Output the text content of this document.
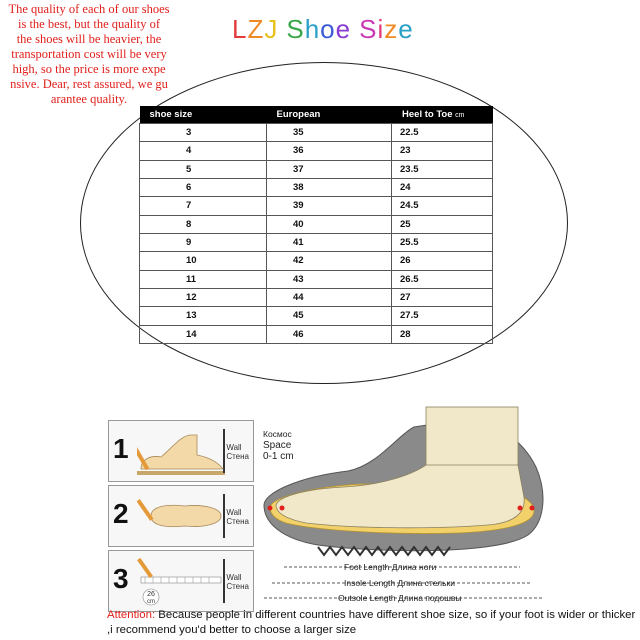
The quality of each of our shoes
is the best, but the quality of
the shoes will be heavier, the
transportation cost will be very
high, so the price is more expe
nsive. Dear, rest assured, we gu
arantee quality.
LZJ Shoe Size
shoe size	European	Heel to Toe cm
3	35	22.5
4	36	23
5	37	23.5
6	38	24
7	39	24.5
8	40	25
9	41	25.5
10	42	26
11	43	26.5
12	44	27
13	45	27.5
14	46	28
1	Wall
Стена
2	Wall
Стена
3
26
cm
Wall
Стена
Космос
Space
0-1 cm
Foot Length Длина ноги
Insole Length Длина стельки
Outsole Length Длина подошвы
Attention: Because people in different countries have different shoe size, so if your foot is wider or thicker ,i recommend you'd better to choose a larger size
